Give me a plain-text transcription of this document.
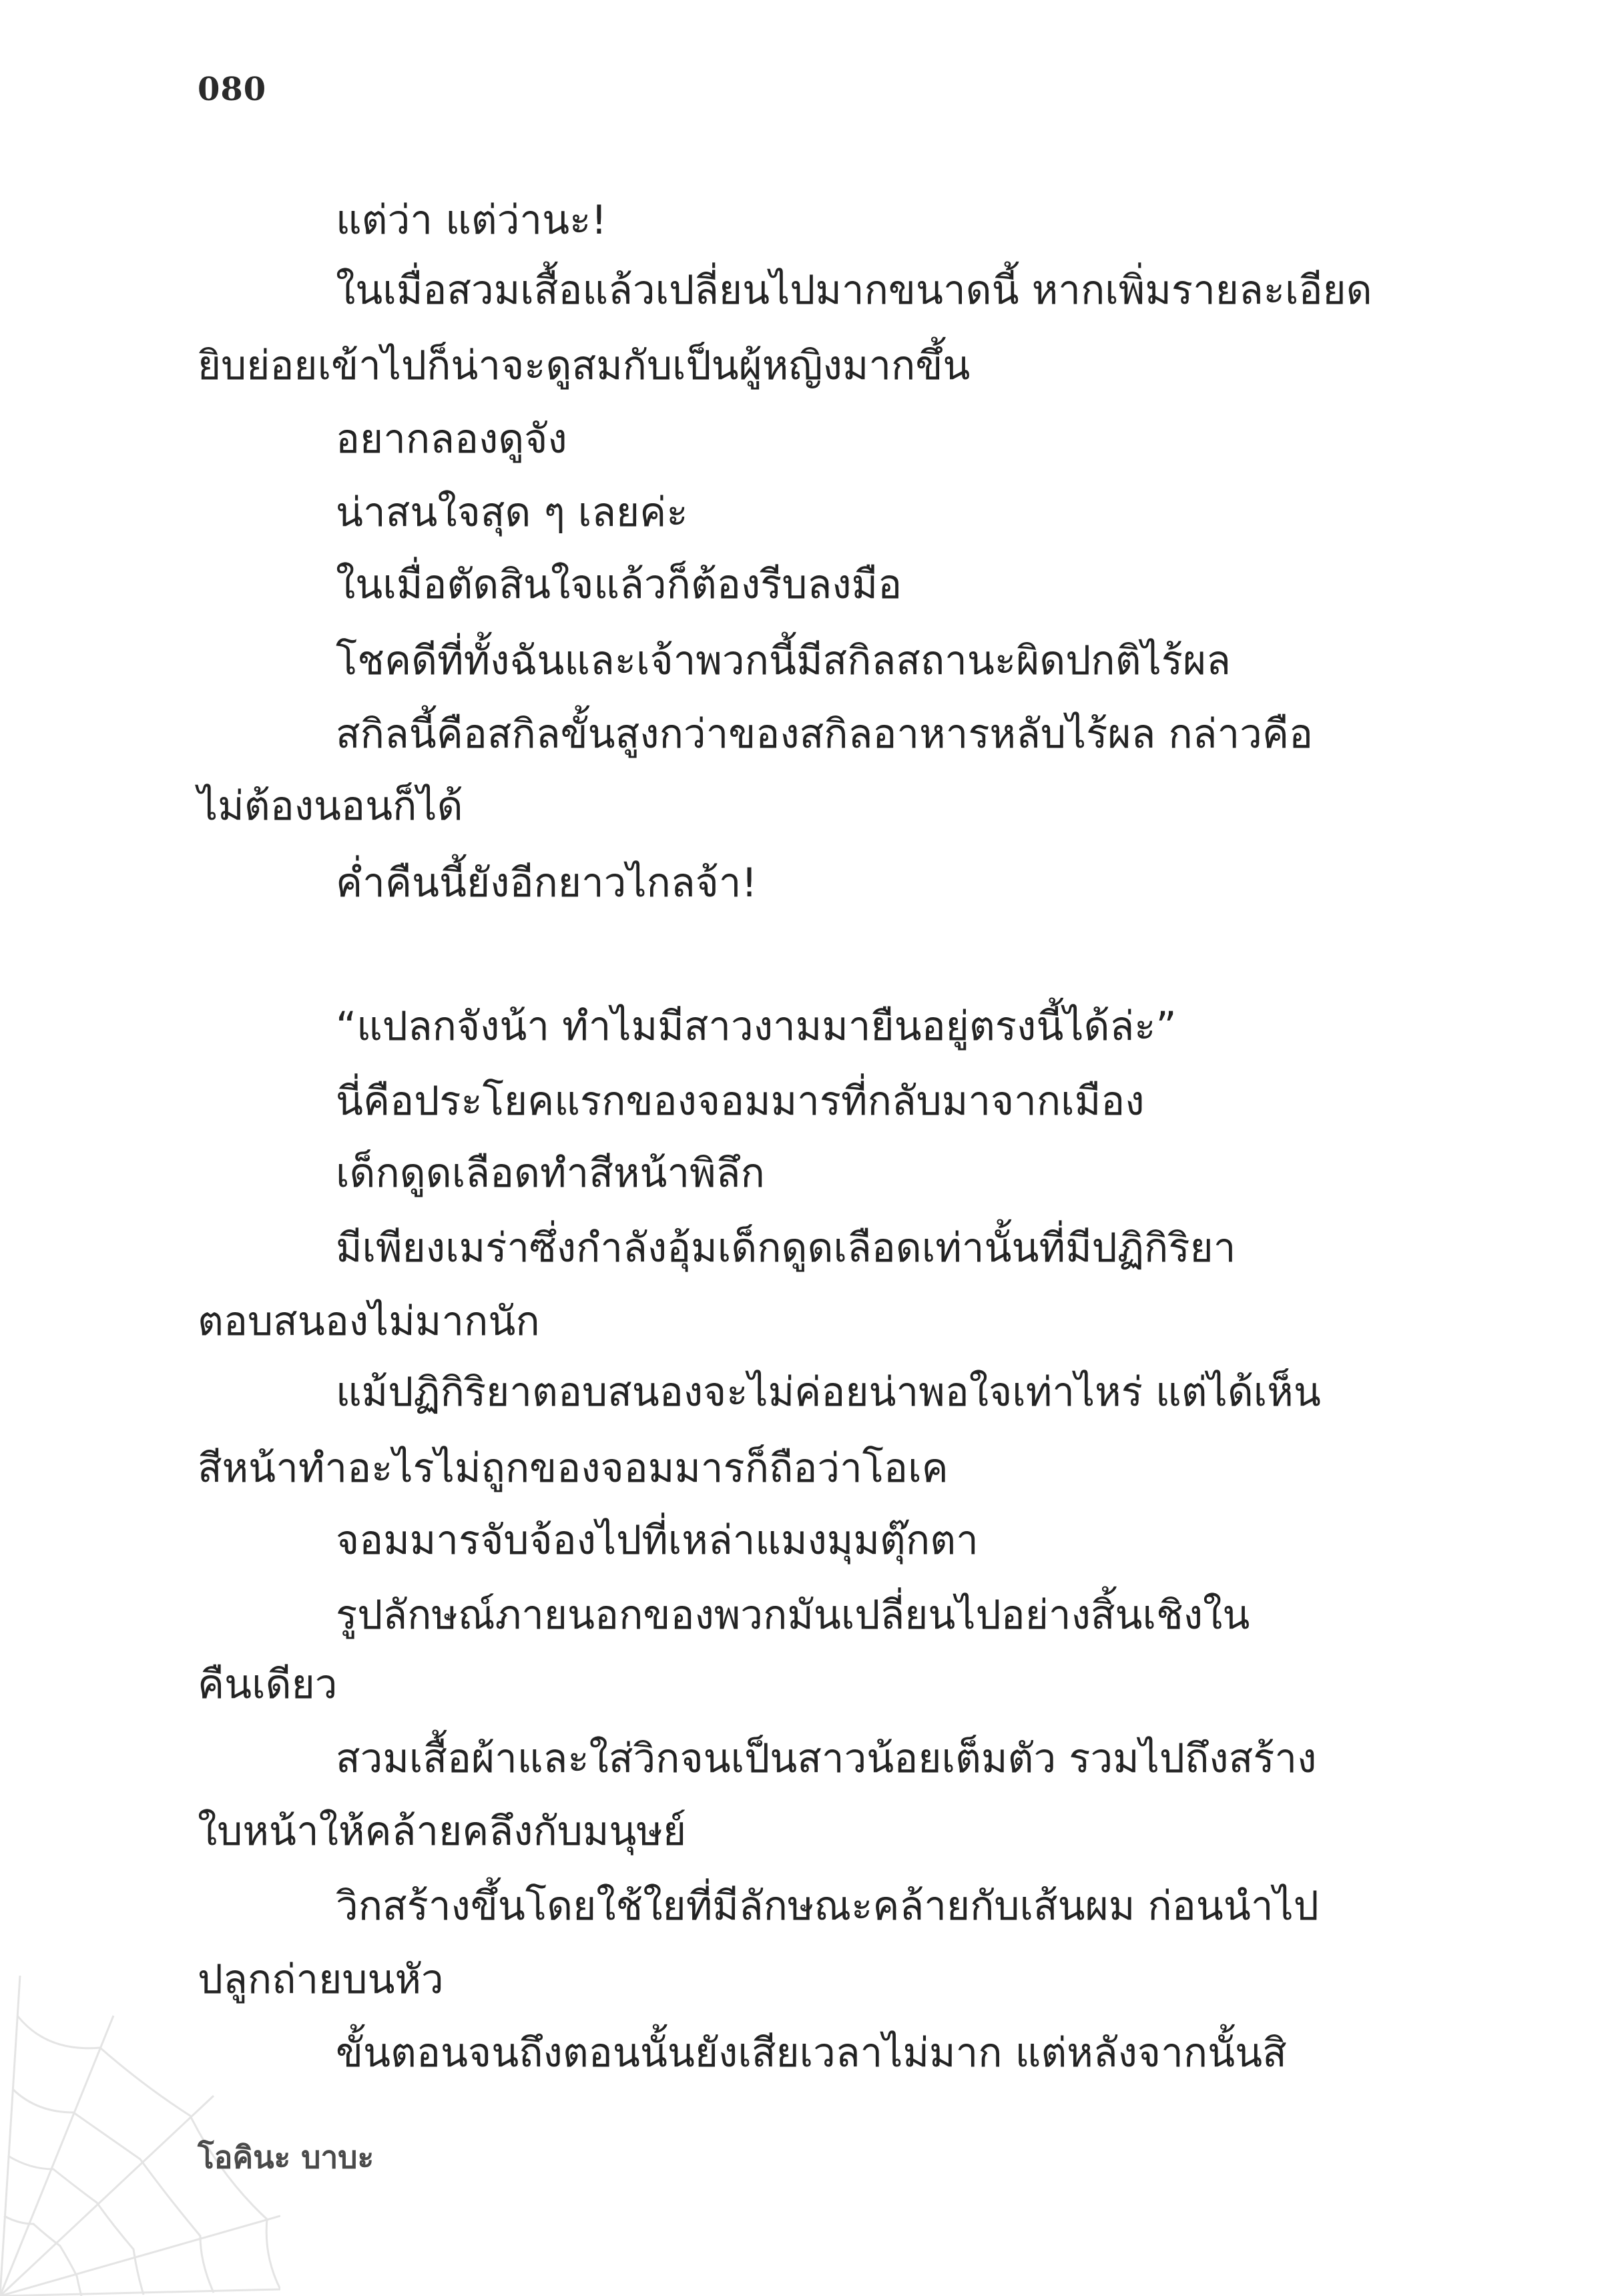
080
แต่ว่า แต่ว่านะ!
ในเมื่อสวมเสื้อแล้วเปลี่ยนไปมากขนาดนี้ หากเพิ่มรายละเอียด
ยิบย่อยเข้าไปก็น่าจะดูสมกับเป็นผู้หญิงมากขึ้น
อยากลองดูจัง
น่าสนใจสุด ๆ เลยค่ะ
ในเมื่อตัดสินใจแล้วก็ต้องรีบลงมือ
โชคดีที่ทั้งฉันและเจ้าพวกนี้มีสกิลสถานะผิดปกติไร้ผล
สกิลนี้คือสกิลขั้นสูงกว่าของสกิลอาหารหลับไร้ผล กล่าวคือ
ไม่ต้องนอนก็ได้
ค่ำคืนนี้ยังอีกยาวไกลจ้า!
“แปลกจังน้า ทำไมมีสาวงามมายืนอยู่ตรงนี้ได้ล่ะ”
นี่คือประโยคแรกของจอมมารที่กลับมาจากเมือง
เด็กดูดเลือดทำสีหน้าพิลึก
มีเพียงเมร่าซึ่งกำลังอุ้มเด็กดูดเลือดเท่านั้นที่มีปฏิกิริยา
ตอบสนองไม่มากนัก
แม้ปฏิกิริยาตอบสนองจะไม่ค่อยน่าพอใจเท่าไหร่ แต่ได้เห็น
สีหน้าทำอะไรไม่ถูกของจอมมารก็ถือว่าโอเค
จอมมารจับจ้องไปที่เหล่าแมงมุมตุ๊กตา
รูปลักษณ์ภายนอกของพวกมันเปลี่ยนไปอย่างสิ้นเชิงใน
คืนเดียว
สวมเสื้อผ้าและใส่วิกจนเป็นสาวน้อยเต็มตัว รวมไปถึงสร้าง
ใบหน้าให้คล้ายคลึงกับมนุษย์
วิกสร้างขึ้นโดยใช้ใยที่มีลักษณะคล้ายกับเส้นผม ก่อนนำไป
ปลูกถ่ายบนหัว
ขั้นตอนจนถึงตอนนั้นยังเสียเวลาไม่มาก แต่หลังจากนั้นสิ
โอคินะ บาบะ
